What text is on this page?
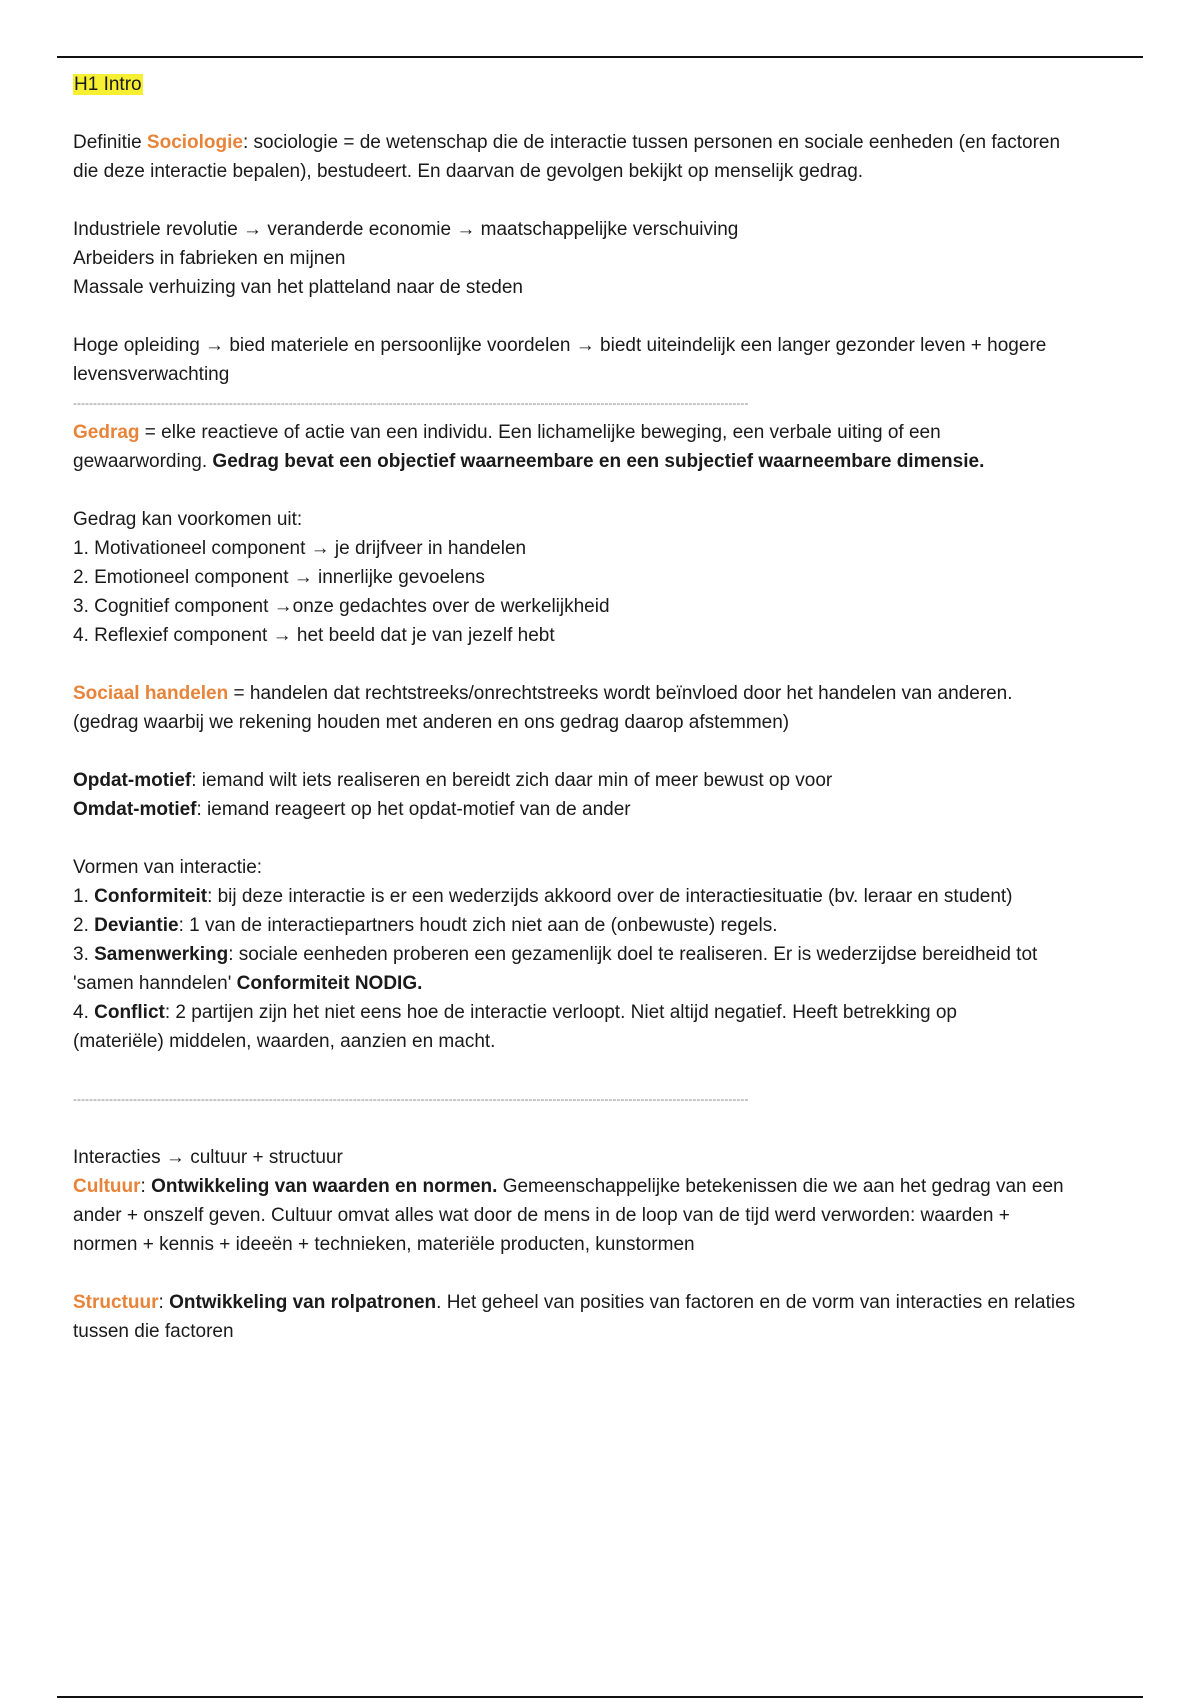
H1 Intro

Definitie Sociologie: sociologie = de wetenschap die de interactie tussen personen en sociale eenheden (en factoren

die deze interactie bepalen), bestudeert. En daarvan de gevolgen bekijkt op menselijk gedrag.

Industriele revolutie → veranderde economie → maatschappelijke verschuiving

Arbeiders in fabrieken en mijnen

Massale verhuizing van het platteland naar de steden

Hoge opleiding → bied materiele en persoonlijke voordelen → biedt uiteindelijk een langer gezonder leven + hogere

levensverwachting

-------------------------------------------------------------------------------------------------------------------------------------------------------------------------

Gedrag = elke reactieve of actie van een individu. Een lichamelijke beweging, een verbale uiting of een

gewaarwording. Gedrag bevat een objectief waarneembare en een subjectief waarneembare dimensie.

Gedrag kan voorkomen uit:

1. Motivationeel component → je drijfveer in handelen

2. Emotioneel component → innerlijke gevoelens

3. Cognitief component →onze gedachtes over de werkelijkheid

4. Reflexief component → het beeld dat je van jezelf hebt

Sociaal handelen = handelen dat rechtstreeks/onrechtstreeks wordt beïnvloed door het handelen van anderen.

(gedrag waarbij we rekening houden met anderen en ons gedrag daarop afstemmen)

Opdat-motief: iemand wilt iets realiseren en bereidt zich daar min of meer bewust op voor

Omdat-motief: iemand reageert op het opdat-motief van de ander

Vormen van interactie:

1. Conformiteit: bij deze interactie is er een wederzijds akkoord over de interactiesituatie (bv. leraar en student)

2. Deviantie: 1 van de interactiepartners houdt zich niet aan de (onbewuste) regels.

3. Samenwerking: sociale eenheden proberen een gezamenlijk doel te realiseren. Er is wederzijdse bereidheid tot

'samen hanndelen' Conformiteit NODIG.

4. Conflict: 2 partijen zijn het niet eens hoe de interactie verloopt. Niet altijd negatief. Heeft betrekking op

(materiële) middelen, waarden, aanzien en macht.

-------------------------------------------------------------------------------------------------------------------------------------------------------------------------

Interacties → cultuur + structuur

Cultuur: Ontwikkeling van waarden en normen. Gemeenschappelijke betekenissen die we aan het gedrag van een

ander + onszelf geven. Cultuur omvat alles wat door de mens in de loop van de tijd werd verworden: waarden +

normen + kennis + ideeën + technieken, materiële producten, kunstormen

Structuur: Ontwikkeling van rolpatronen. Het geheel van posities van factoren en de vorm van interacties en relaties

tussen die factoren
